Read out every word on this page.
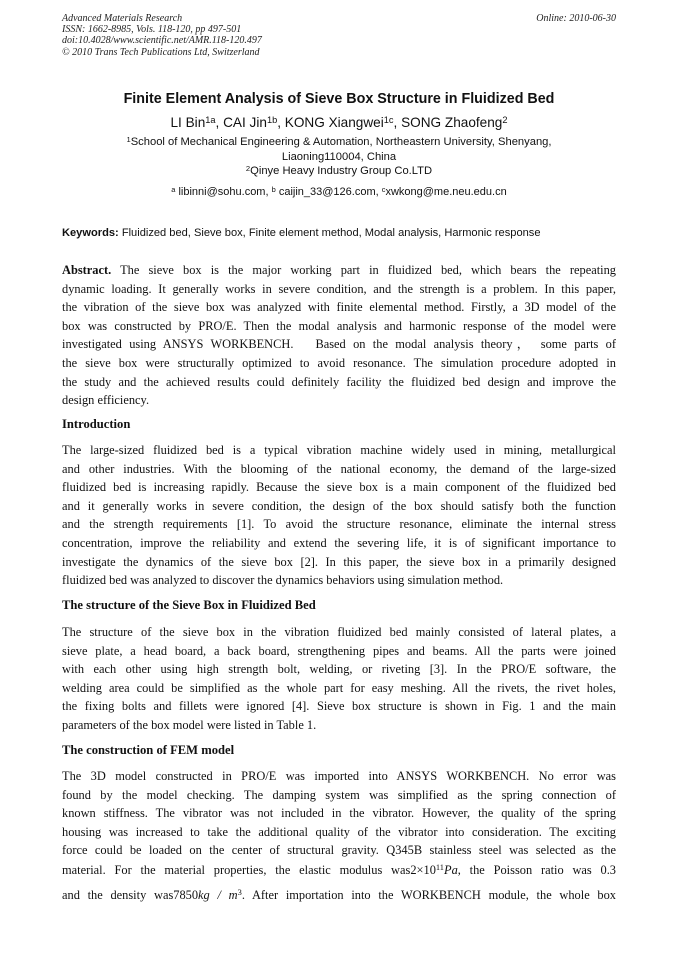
Advanced Materials Research
ISSN: 1662-8985, Vols. 118-120, pp 497-501
doi:10.4028/www.scientific.net/AMR.118-120.497
© 2010 Trans Tech Publications Ltd, Switzerland
Online: 2010-06-30
Finite Element Analysis of Sieve Box Structure in Fluidized Bed
LI Bin$^{1a}$, CAI Jin$^{1b}$, KONG Xiangwei$^{1c}$, SONG Zhaofeng$^2$
$^1$School of Mechanical Engineering & Automation, Northeastern University, Shenyang,
Liaoning110004, China
$^2$Qinye Heavy Industry Group Co.LTD
$^a$ libinni@sohu.com, $^b$ caijin_33@126.com, $^c$xwkong@me.neu.edu.cn
Keywords: Fluidized bed, Sieve box, Finite element method, Modal analysis, Harmonic response
Abstract. The sieve box is the major working part in fluidized bed, which bears the repeating
dynamic loading. It generally works in severe condition, and the strength is a problem. In this paper,
the vibration of the sieve box was analyzed with finite elemental method. Firstly, a 3D model of the
box was constructed by PRO/E. Then the modal analysis and harmonic response of the model were
investigated using ANSYS WORKBENCH.   Based on the modal analysis theory， some parts of
the sieve box were structurally optimized to avoid resonance. The simulation procedure adopted in
the study and the achieved results could definitely facility the fluidized bed design and improve the
design efficiency.
Introduction
The large-sized fluidized bed is a typical vibration machine widely used in mining, metallurgical
and other industries. With the blooming of the national economy, the demand of the large-sized
fluidized bed is increasing rapidly. Because the sieve box is a main component of the fluidized bed
and it generally works in severe condition, the design of the box should satisfy both the function
and the strength requirements [1]. To avoid the structure resonance, eliminate the internal stress
concentration, improve the reliability and extend the severing life, it is of significant importance to
investigate the dynamics of the sieve box [2]. In this paper, the sieve box in a primarily designed
fluidized bed was analyzed to discover the dynamics behaviors using simulation method.
The structure of the Sieve Box in Fluidized Bed
The structure of the sieve box in the vibration fluidized bed mainly consisted of lateral plates, a
sieve plate, a head board, a back board, strengthening pipes and beams. All the parts were joined
with each other using high strength bolt, welding, or riveting [3]. In the PRO/E software, the
welding area could be simplified as the whole part for easy meshing. All the rivets, the rivet holes,
the fixing bolts and fillets were ignored [4]. Sieve box structure is shown in Fig. 1 and the main
parameters of the box model were listed in Table 1.
The construction of FEM model
The 3D model constructed in PRO/E was imported into ANSYS WORKBENCH. No error was
found by the model checking. The damping system was simplified as the spring connection of
known stiffness. The vibrator was not included in the vibrator. However, the quality of the spring
housing was increased to take the additional quality of the vibrator into consideration. The exciting
force could be loaded on the center of structural gravity. Q345B stainless steel was selected as the
material. For the material properties, the elastic modulus $was2\times 10^{11}Pa$, the Poisson ratio was 0.3
and the density $was7850kg / m^3$. After importation into the WORKBENCH module, the whole box
